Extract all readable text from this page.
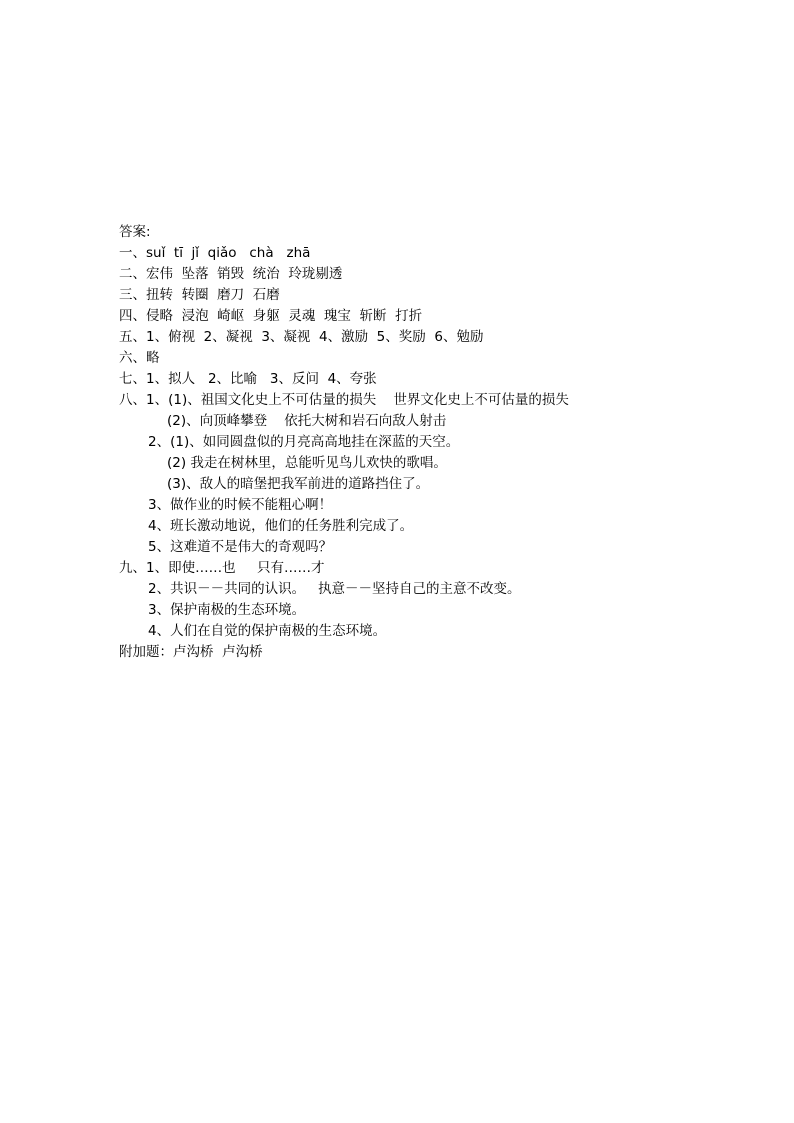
答案:
一、suǐ  tī  jǐ  qiǎo   chà   zhā
二、宏伟  坠落  销毁  统治  玲珑剔透
三、扭转  转圈  磨刀  石磨
四、侵略  浸泡  崎岖  身躯  灵魂  瑰宝  斩断  打折
五、1、俯视  2、凝视  3、凝视  4、激励  5、奖励  6、勉励
六、略
七、1、拟人   2、比喻   3、反问  4、夸张
八、1、(1)、祖国文化史上不可估量的损失    世界文化史上不可估量的损失
(2)、向顶峰攀登    依托大树和岩石向敌人射击
2、(1)、如同圆盘似的月亮高高地挂在深蓝的天空。
(2) 我走在树林里，总能听见鸟儿欢快的歌唱。
(3)、敌人的暗堡把我军前进的道路挡住了。
3、做作业的时候不能粗心啊！
4、班长激动地说，他们的任务胜利完成了。
5、这难道不是伟大的奇观吗？
九、1、即使……也     只有……才
2、共识－－共同的认识。   执意－－坚持自己的主意不改变。
3、保护南极的生态环境。
4、人们在自觉的保护南极的生态环境。
附加题：卢沟桥  卢沟桥
